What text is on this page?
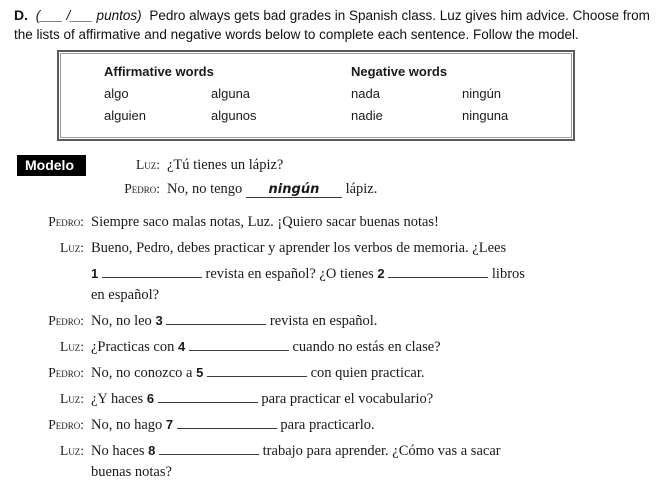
D. (___ /___ puntos) Pedro always gets bad grades in Spanish class. Luz gives him advice. Choose from the lists of affirmative and negative words below to complete each sentence. Follow the model.

Affirmative words	Negative words
algo	alguna	nada	ningún
alguien	algunos	nadie	ninguna
Modelo	Luz: ¿Tú tienes un lápiz?
Pedro: No, no tengo ningún lápiz.
Pedro: Siempre saco malas notas, Luz. ¡Quiero sacar buenas notas!
Luz: Bueno, Pedro, debes practicar y aprender los verbos de memoria. ¿Lees
1	revista en español? ¿O tienes 2	libros
en español?
Pedro: No, no leo 3	revista en español.
Luz: ¿Practicas con 4	cuando no estás en clase?
Pedro: No, no conozco a 5	con quien practicar.
Luz: ¿Y haces 6	para practicar el vocabulario?
Pedro: No, no hago 7	para practicarlo.
Luz: No haces 8	trabajo para aprender. ¿Cómo vas a sacar
buenas notas?
